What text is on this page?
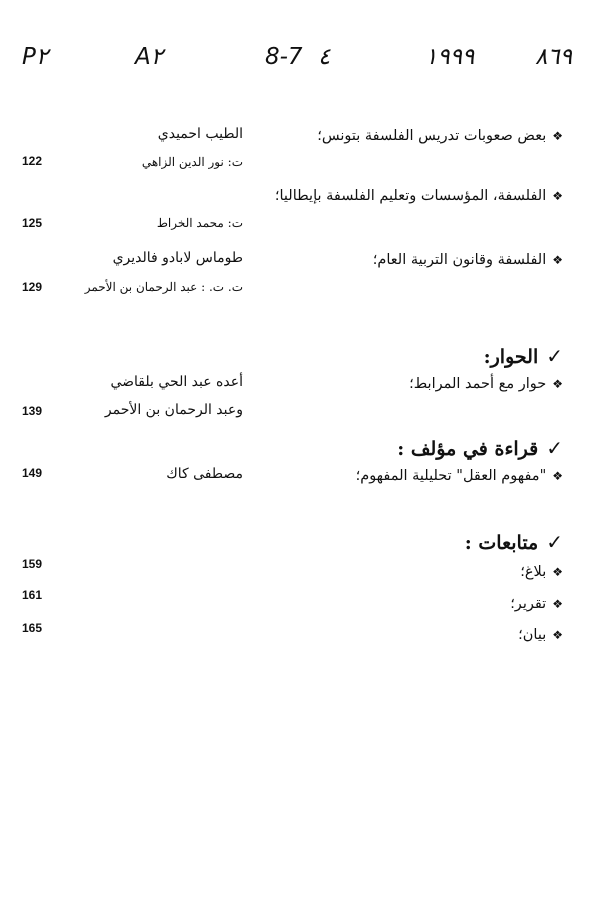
٨٦٩
١٩٩٩
٤
8-7
A٢
P٢
❖بعض صعوبات تدريس الفلسفة بتونس؛
الطيب احميدي
ت: نور الدين الزاهي
122
❖الفلسفة، المؤسسات وتعليم الفلسفة بإيطاليا؛
ت: محمد الخراط
125
❖الفلسفة وقانون التربية العام؛
طوماس لابادو فالديري
ت. ت. : عبد الرحمان بن الأحمر
129
✓الحوار:
❖حوار مع أحمد المرابط؛
أعده عبد الحي بلقاضي
وعبد الرحمان بن الأحمر
139
✓قراءة في مؤلف :
❖"مفهوم العقل" تحليلية المفهوم؛
مصطفى كاك
149
✓متابعات :
❖بلاغ؛
159
❖تقرير؛
161
❖بيان؛
165
